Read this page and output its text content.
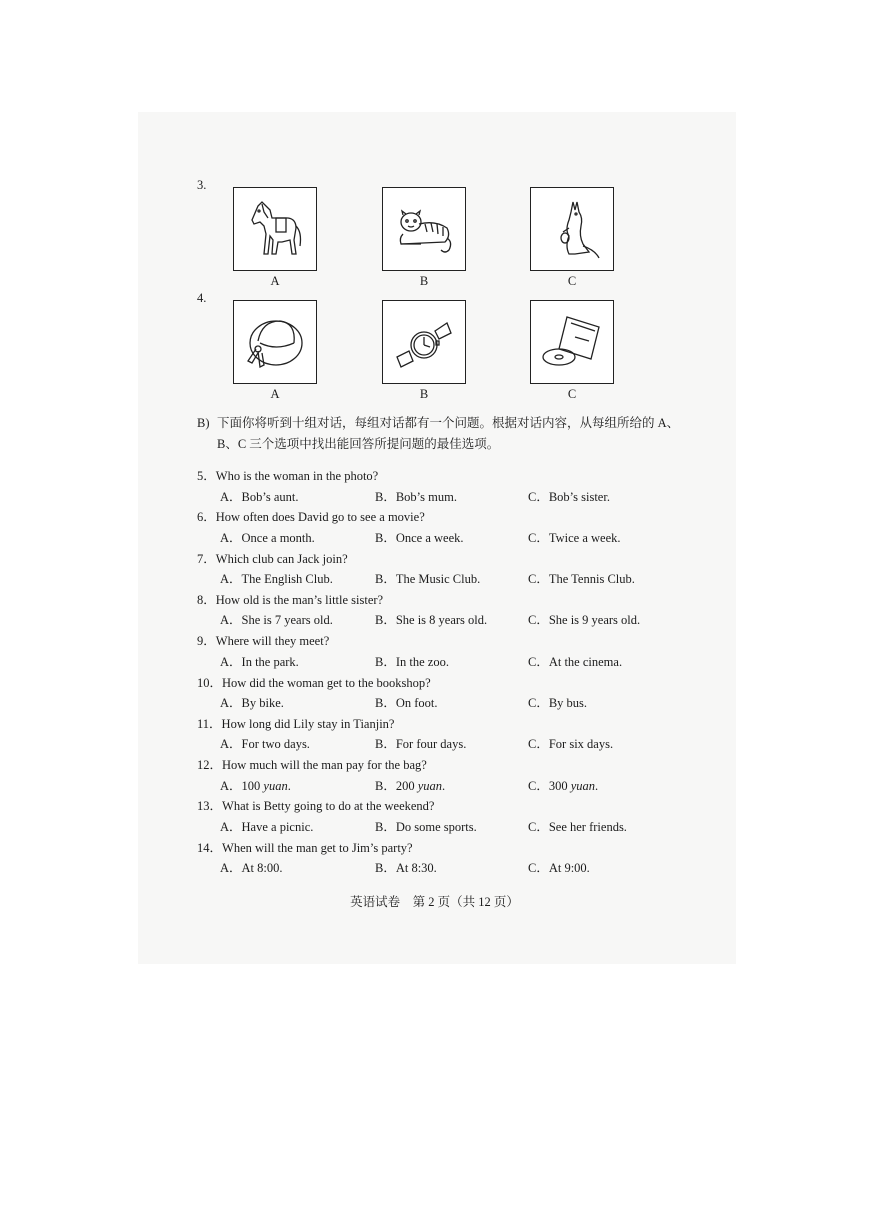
3.
A	B	C
4.
A	B	C
B) 下面你将听到十组对话，每组对话都有一个问题。根据对话内容，从每组所给的 A、
B、C 三个选项中找出能回答所提问题的最佳选项。
5．Who is the woman in the photo?
A．Bob’s aunt.	B．Bob’s mum.	C．Bob’s sister.
6．How often does David go to see a movie?
A．Once a month.	B．Once a week.	C．Twice a week.
7．Which club can Jack join?
A．The English Club.	B．The Music Club.	C．The Tennis Club.
8．How old is the man’s little sister?
A．She is 7 years old.	B．She is 8 years old.	C．She is 9 years old.
9．Where will they meet?
A．In the park.	B．In the zoo.	C．At the cinema.
10．How did the woman get to the bookshop?
A．By bike.	B．On foot.	C．By bus.
11．How long did Lily stay in Tianjin?
A．For two days.	B．For four days.	C．For six days.
12．How much will the man pay for the bag?
A．100 yuan.	B．200 yuan.	C．300 yuan.
13．What is Betty going to do at the weekend?
A．Have a picnic.	B．Do some sports.	C．See her friends.
14．When will the man get to Jim’s party?
A．At 8:00.	B．At 8:30.	C．At 9:00.
英语试卷　第 2 页（共 12 页）
